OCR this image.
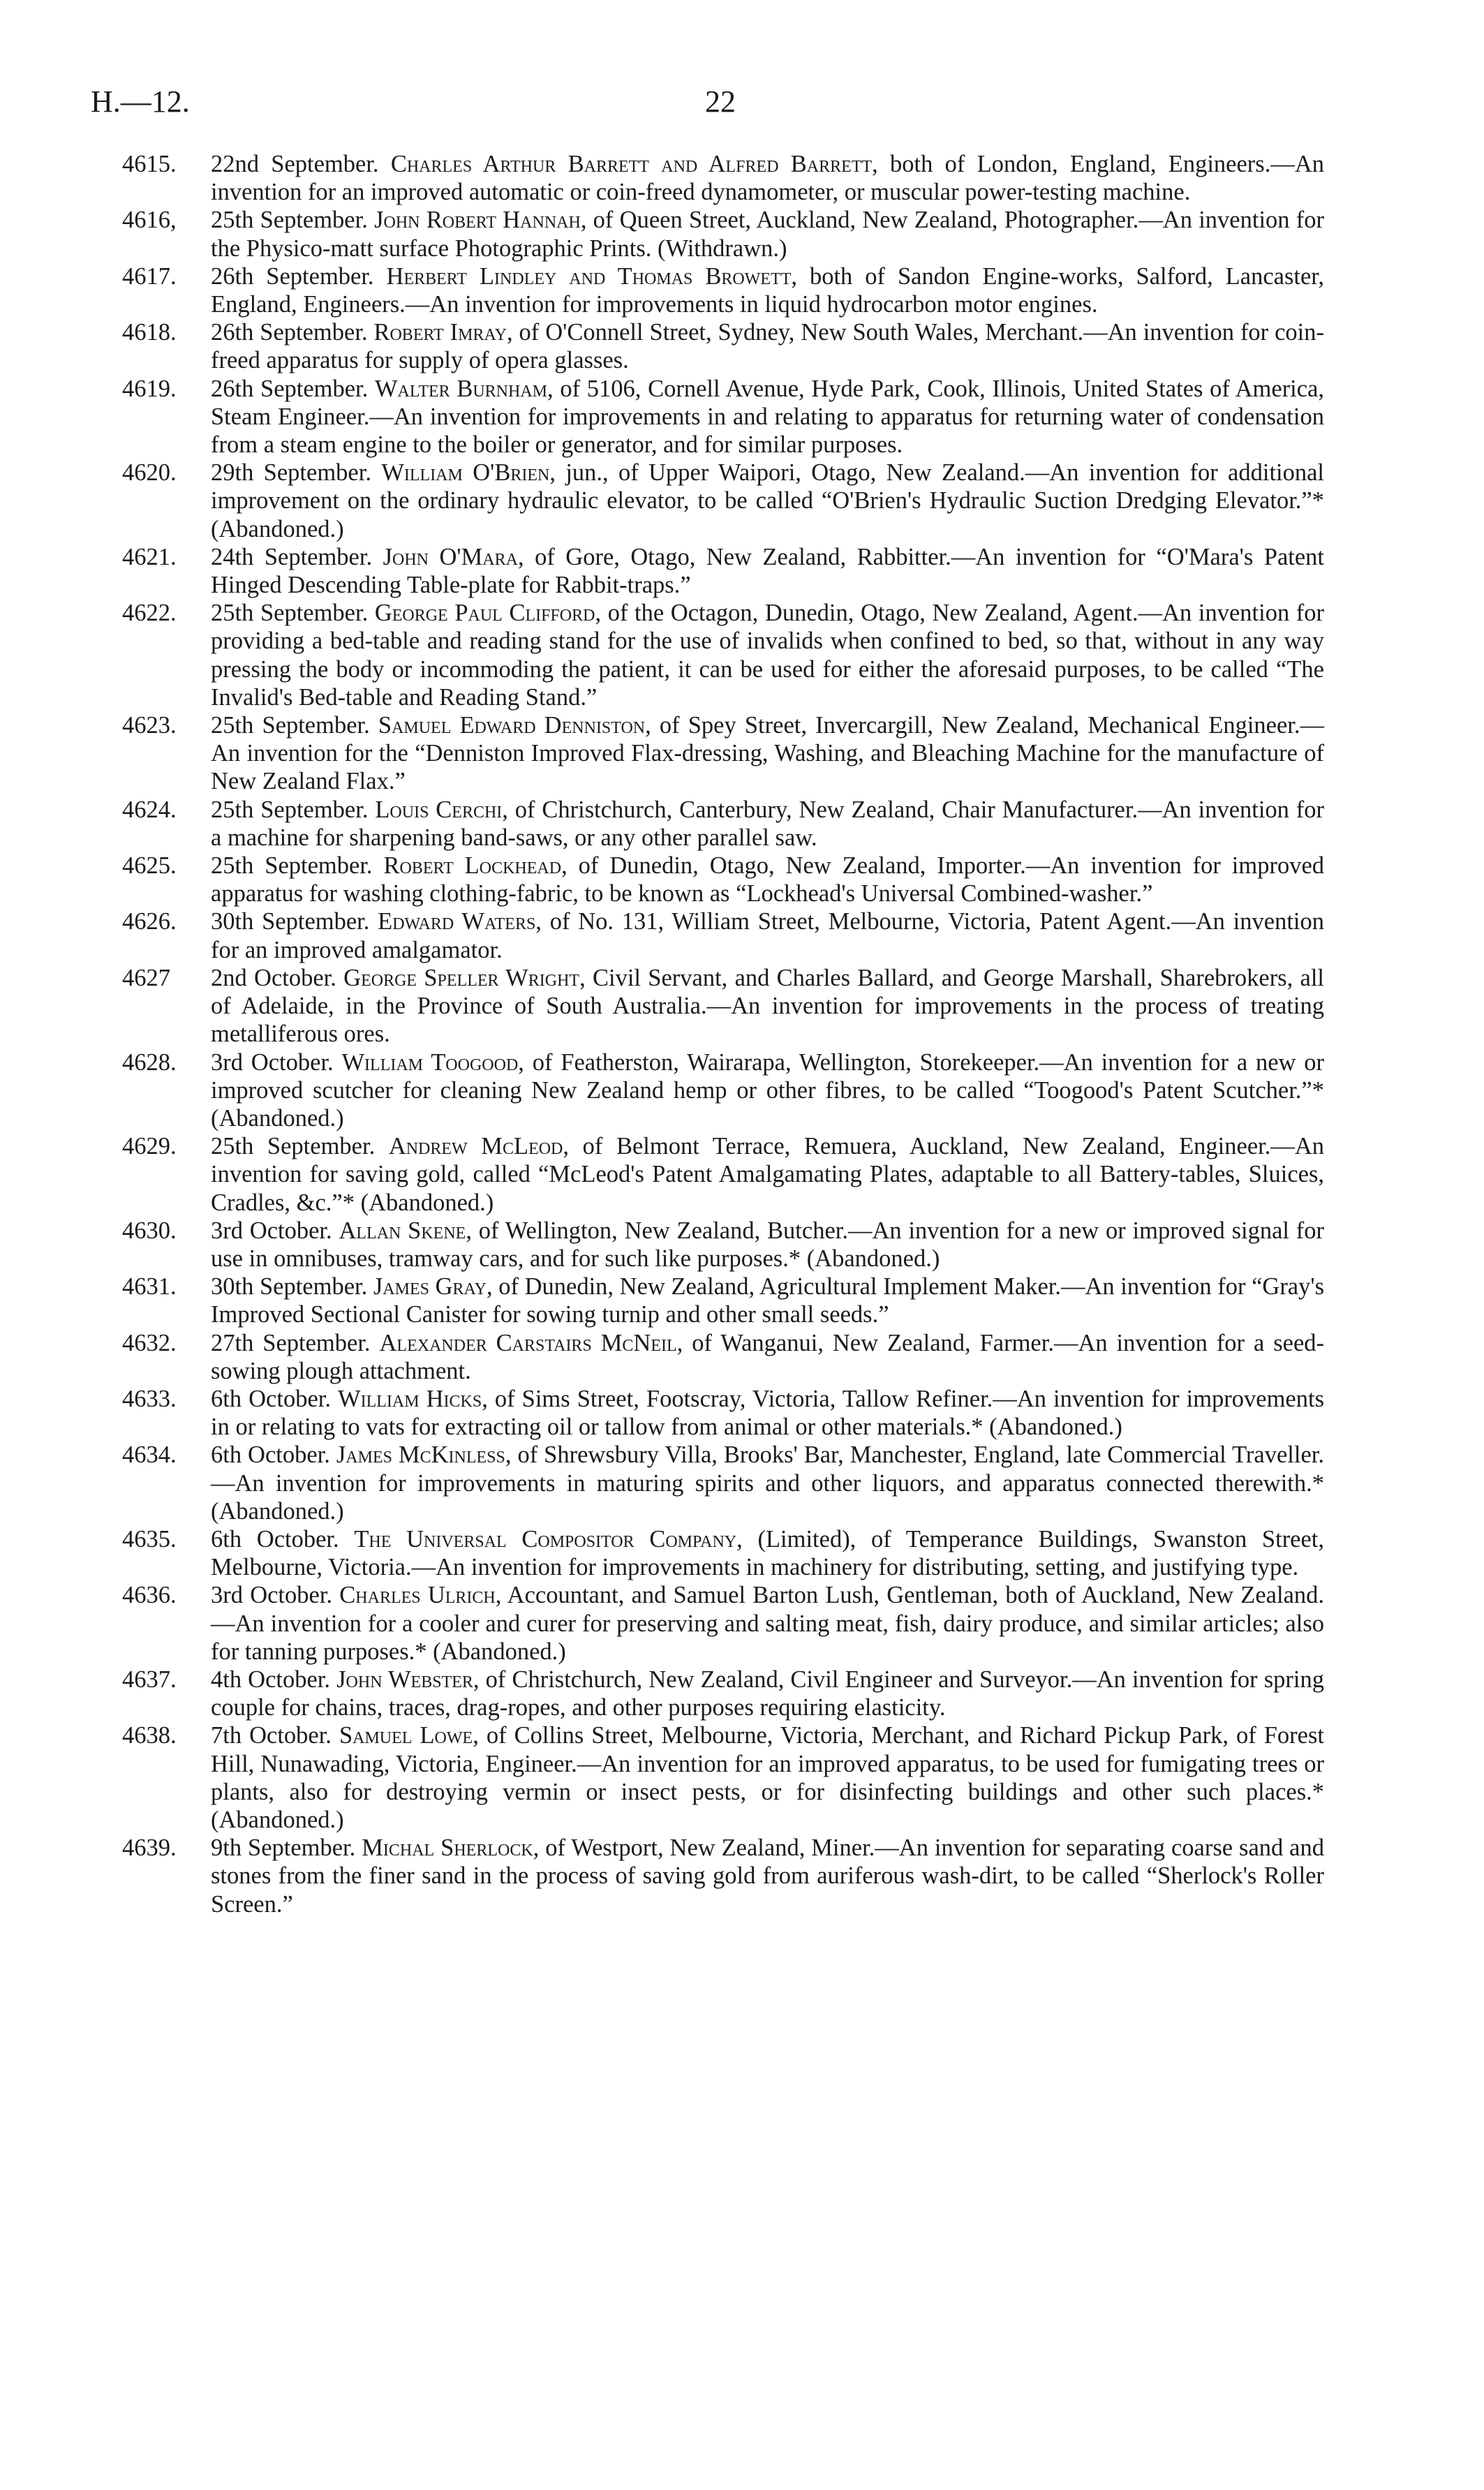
H.—12.	22
4615. 22nd September. Charles Arthur Barrett and Alfred Barrett, both of London, England, Engineers.—An invention for an improved automatic or coin-freed dynamometer, or muscular power-testing machine.
4616, 25th September. John Robert Hannah, of Queen Street, Auckland, New Zealand, Photographer.—An invention for the Physico-matt surface Photographic Prints. (Withdrawn.)
4617. 26th September. Herbert Lindley and Thomas Browett, both of Sandon Engine-works, Salford, Lancaster, England, Engineers.—An invention for improvements in liquid hydrocarbon motor engines.
4618. 26th September. Robert Imray, of O'Connell Street, Sydney, New South Wales, Merchant.—An invention for coin-freed apparatus for supply of opera glasses.
4619. 26th September. Walter Burnham, of 5106, Cornell Avenue, Hyde Park, Cook, Illinois, United States of America, Steam Engineer.—An invention for improvements in and relating to apparatus for returning water of condensation from a steam engine to the boiler or generator, and for similar purposes.
4620. 29th September. William O'Brien, jun., of Upper Waipori, Otago, New Zealand.—An invention for additional improvement on the ordinary hydraulic elevator, to be called “O'Brien's Hydraulic Suction Dredging Elevator.”* (Abandoned.)
4621. 24th September. John O'Mara, of Gore, Otago, New Zealand, Rabbitter.—An invention for “O'Mara's Patent Hinged Descending Table-plate for Rabbit-traps.”
4622. 25th September. George Paul Clifford, of the Octagon, Dunedin, Otago, New Zealand, Agent.—An invention for providing a bed-table and reading stand for the use of invalids when confined to bed, so that, without in any way pressing the body or incommoding the patient, it can be used for either the aforesaid purposes, to be called “The Invalid's Bed-table and Reading Stand.”
4623. 25th September. Samuel Edward Denniston, of Spey Street, Invercargill, New Zealand, Mechanical Engineer.—An invention for the “Denniston Improved Flax-dressing, Washing, and Bleaching Machine for the manufacture of New Zealand Flax.”
4624. 25th September. Louis Cerchi, of Christchurch, Canterbury, New Zealand, Chair Manufacturer.—An invention for a machine for sharpening band-saws, or any other parallel saw.
4625. 25th September. Robert Lockhead, of Dunedin, Otago, New Zealand, Importer.—An invention for improved apparatus for washing clothing-fabric, to be known as “Lockhead's Universal Combined-washer.”
4626. 30th September. Edward Waters, of No. 131, William Street, Melbourne, Victoria, Patent Agent.—An invention for an improved amalgamator.
4627 2nd October. George Speller Wright, Civil Servant, and Charles Ballard, and George Marshall, Sharebrokers, all of Adelaide, in the Province of South Australia.—An invention for improvements in the process of treating metalliferous ores.
4628. 3rd October. William Toogood, of Featherston, Wairarapa, Wellington, Storekeeper.—An invention for a new or improved scutcher for cleaning New Zealand hemp or other fibres, to be called “Toogood's Patent Scutcher.”* (Abandoned.)
4629. 25th September. Andrew McLeod, of Belmont Terrace, Remuera, Auckland, New Zealand, Engineer.—An invention for saving gold, called “McLeod's Patent Amalgamating Plates, adaptable to all Battery-tables, Sluices, Cradles, &c.”* (Abandoned.)
4630. 3rd October. Allan Skene, of Wellington, New Zealand, Butcher.—An invention for a new or improved signal for use in omnibuses, tramway cars, and for such like purposes.* (Abandoned.)
4631. 30th September. James Gray, of Dunedin, New Zealand, Agricultural Implement Maker.—An invention for “Gray's Improved Sectional Canister for sowing turnip and other small seeds.”
4632. 27th September. Alexander Carstairs McNeil, of Wanganui, New Zealand, Farmer.—An invention for a seed-sowing plough attachment.
4633. 6th October. William Hicks, of Sims Street, Footscray, Victoria, Tallow Refiner.—An invention for improvements in or relating to vats for extracting oil or tallow from animal or other materials.* (Abandoned.)
4634. 6th October. James McKinless, of Shrewsbury Villa, Brooks' Bar, Manchester, England, late Commercial Traveller.—An invention for improvements in maturing spirits and other liquors, and apparatus connected therewith.* (Abandoned.)
4635. 6th October. The Universal Compositor Company, (Limited), of Temperance Buildings, Swanston Street, Melbourne, Victoria.—An invention for improvements in machinery for distributing, setting, and justifying type.
4636. 3rd October. Charles Ulrich, Accountant, and Samuel Barton Lush, Gentleman, both of Auckland, New Zealand.—An invention for a cooler and curer for preserving and salting meat, fish, dairy produce, and similar articles; also for tanning purposes.* (Abandoned.)
4637. 4th October. John Webster, of Christchurch, New Zealand, Civil Engineer and Surveyor.—An invention for spring couple for chains, traces, drag-ropes, and other purposes requiring elasticity.
4638. 7th October. Samuel Lowe, of Collins Street, Melbourne, Victoria, Merchant, and Richard Pickup Park, of Forest Hill, Nunawading, Victoria, Engineer.—An invention for an improved apparatus, to be used for fumigating trees or plants, also for destroying vermin or insect pests, or for disinfecting buildings and other such places.* (Abandoned.)
4639. 9th September. Michal Sherlock, of Westport, New Zealand, Miner.—An invention for separating coarse sand and stones from the finer sand in the process of saving gold from auriferous wash-dirt, to be called “Sherlock's Roller Screen.”
